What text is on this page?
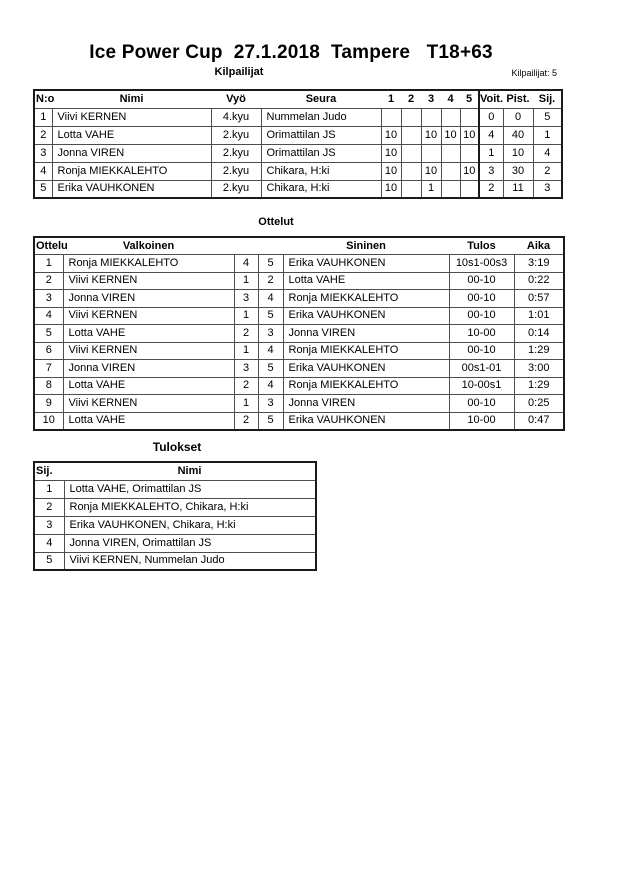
Ice Power Cup  27.1.2018  Tampere   T18+63
Kilpailijat	Kilpailijat: 5
N:o	Nimi	Vyö	Seura	1	2	3	4	5	Voit.	Pist.	Sij.
1	Viivi KERNEN	4.kyu	Nummelan Judo						0	0	5
2	Lotta VAHE	2.kyu	Orimattilan JS	10		10	10	10	4	40	1
3	Jonna VIREN	2.kyu	Orimattilan JS	10					1	10	4
4	Ronja MIEKKALEHTO	2.kyu	Chikara, H:ki	10		10		10	3	30	2
5	Erika VAUHKONEN	2.kyu	Chikara, H:ki	10		1			2	11	3
Ottelut
Ottelu	Valkoinen			Sininen	Tulos	Aika
1	Ronja MIEKKALEHTO	4	5	Erika VAUHKONEN	10s1-00s3	3:19
2	Viivi KERNEN	1	2	Lotta VAHE	00-10	0:22
3	Jonna VIREN	3	4	Ronja MIEKKALEHTO	00-10	0:57
4	Viivi KERNEN	1	5	Erika VAUHKONEN	00-10	1:01
5	Lotta VAHE	2	3	Jonna VIREN	10-00	0:14
6	Viivi KERNEN	1	4	Ronja MIEKKALEHTO	00-10	1:29
7	Jonna VIREN	3	5	Erika VAUHKONEN	00s1-01	3:00
8	Lotta VAHE	2	4	Ronja MIEKKALEHTO	10-00s1	1:29
9	Viivi KERNEN	1	3	Jonna VIREN	00-10	0:25
10	Lotta VAHE	2	5	Erika VAUHKONEN	10-00	0:47
Tulokset
Sij.	Nimi
1	Lotta VAHE, Orimattilan JS
2	Ronja MIEKKALEHTO, Chikara, H:ki
3	Erika VAUHKONEN, Chikara, H:ki
4	Jonna VIREN, Orimattilan JS
5	Viivi KERNEN, Nummelan Judo
